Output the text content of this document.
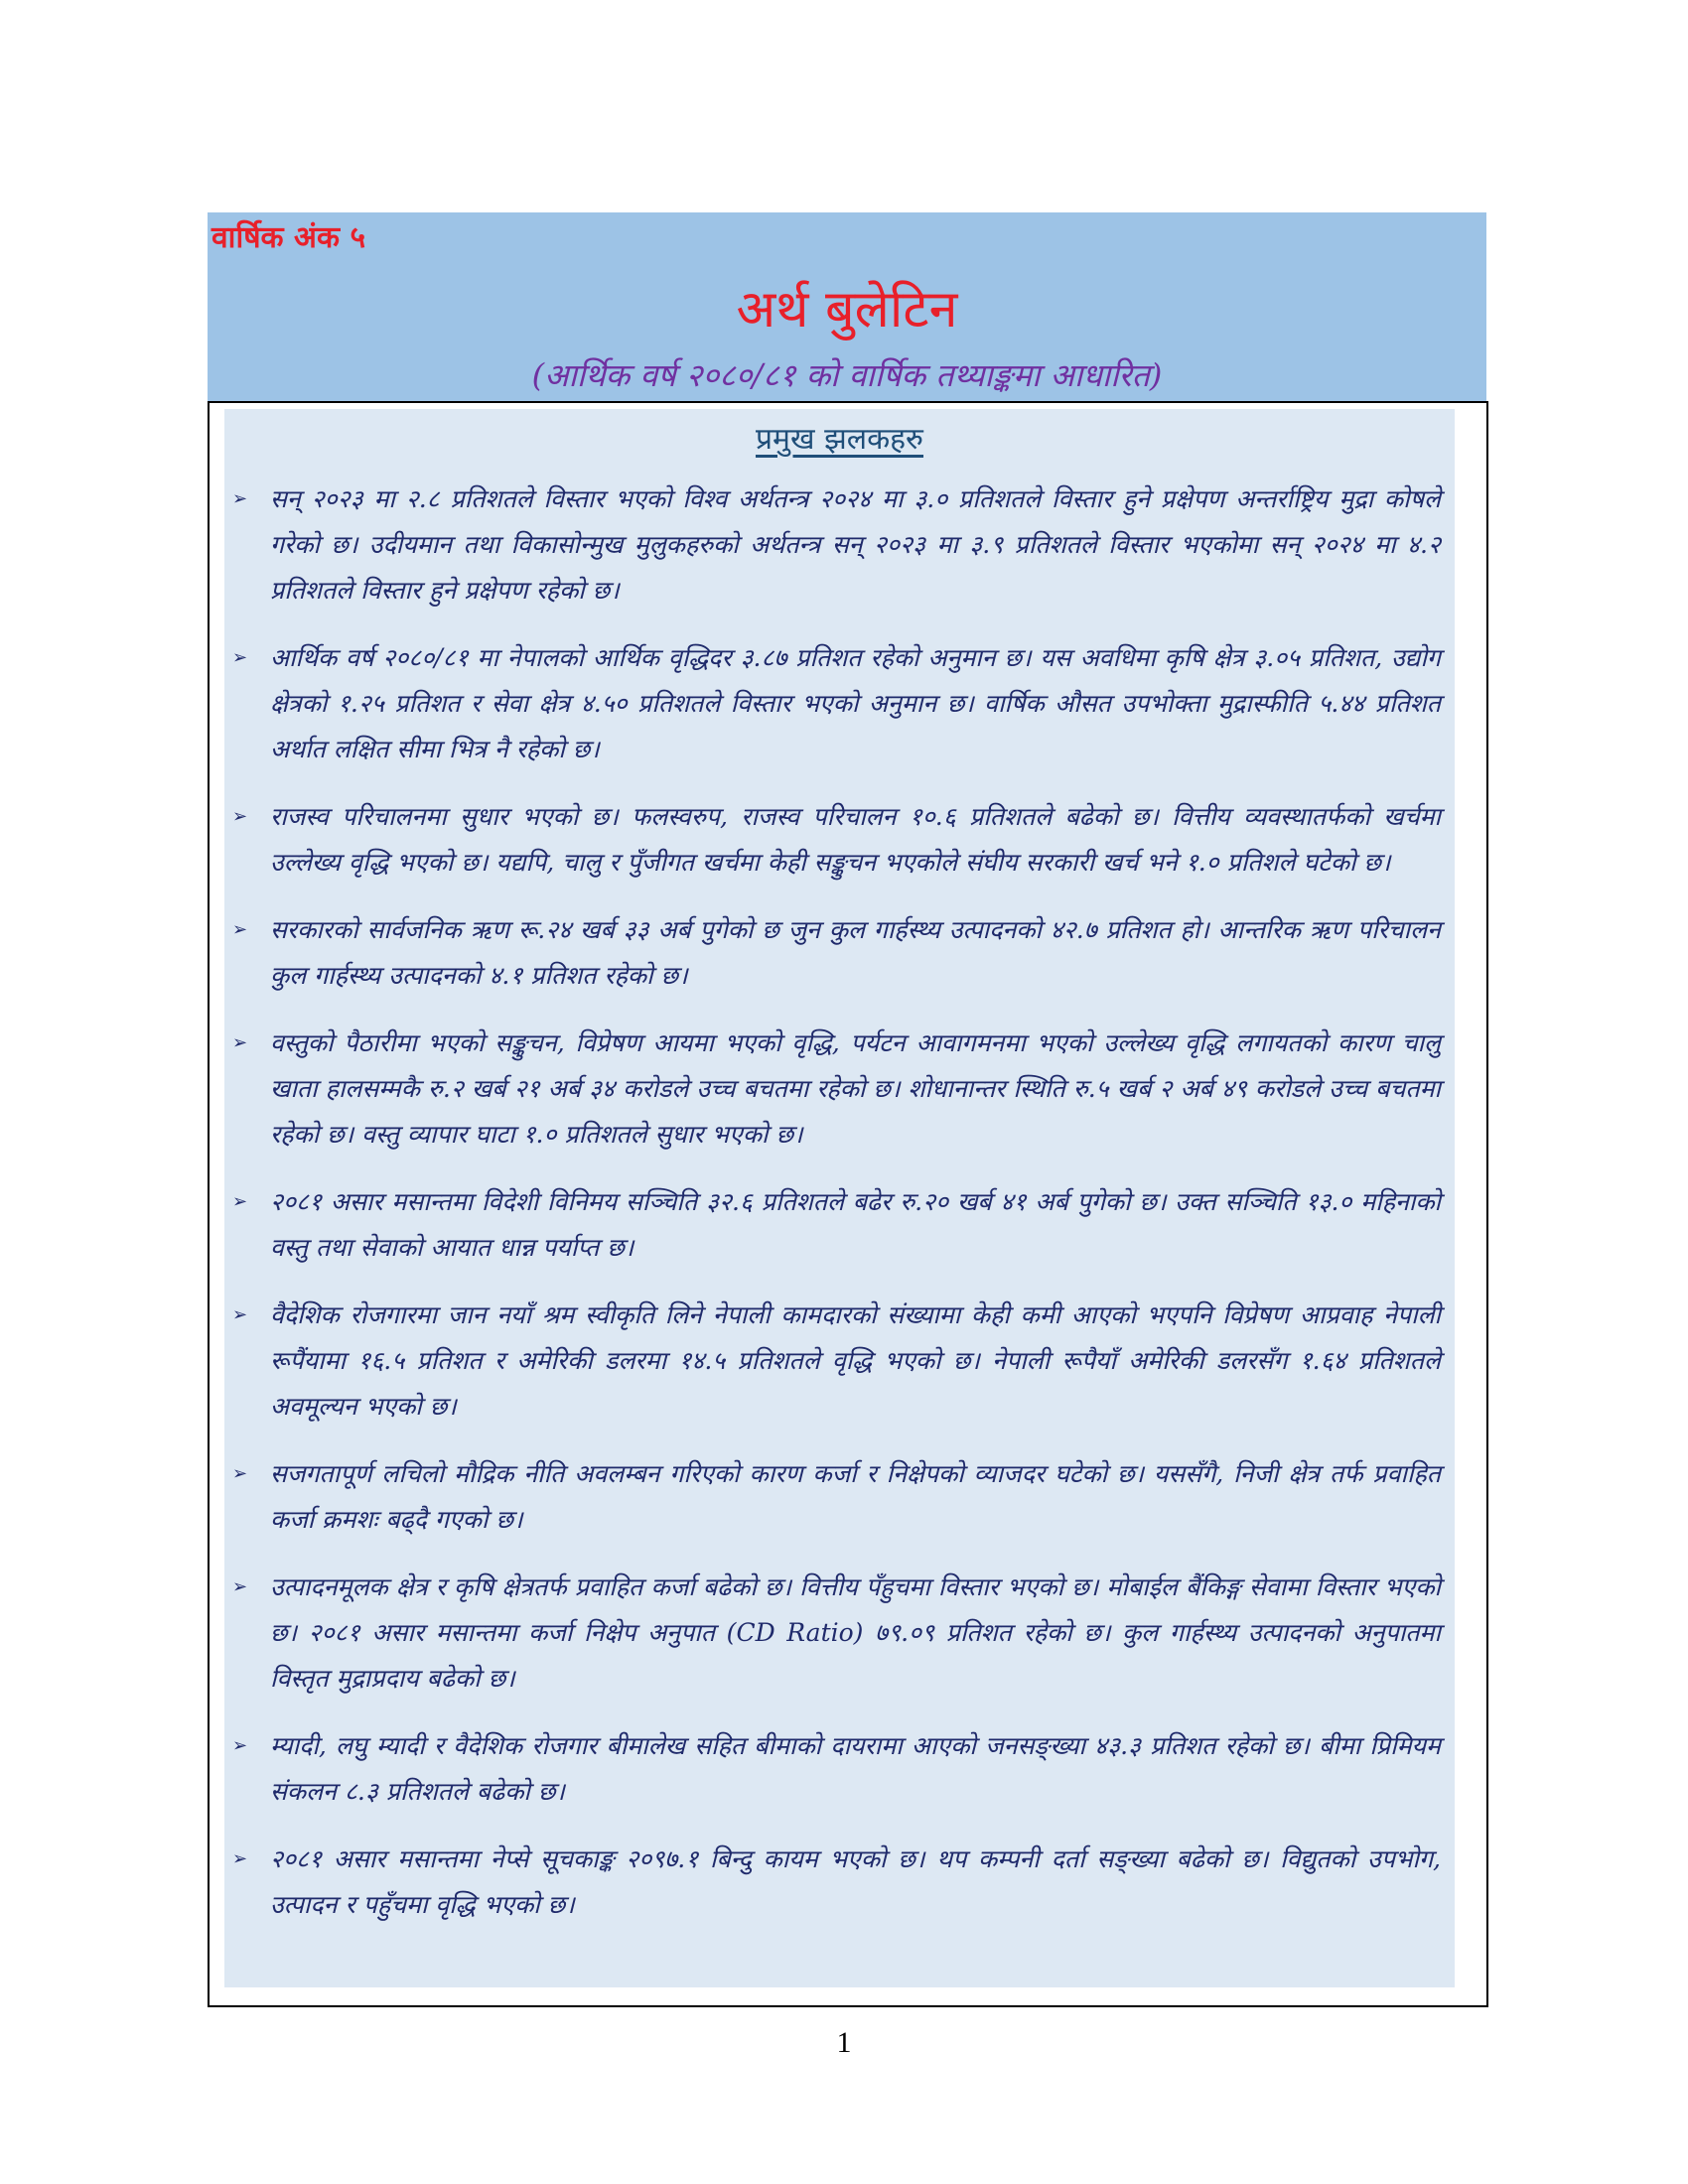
वार्षिक अंक ५
अर्थ बुलेटिन
(आर्थिक वर्ष २०८०/८१ को वार्षिक तथ्याङ्कमा आधारित)
प्रमुख झलकहरु
➢ सन् २०२३ मा २.८ प्रतिशतले विस्तार भएको विश्व अर्थतन्त्र २०२४ मा ३.० प्रतिशतले विस्तार हुने प्रक्षेपण अन्तर्राष्ट्रिय मुद्रा कोषले गरेको छ। उदीयमान तथा विकासोन्मुख मुलुकहरुको अर्थतन्त्र सन् २०२३ मा ३.९ प्रतिशतले विस्तार भएकोमा सन् २०२४ मा ४.२ प्रतिशतले विस्तार हुने प्रक्षेपण रहेको छ।
➢ आर्थिक वर्ष २०८०/८१ मा नेपालको आर्थिक वृद्धिदर ३.८७ प्रतिशत रहेको अनुमान छ। यस अवधिमा कृषि क्षेत्र ३.०५ प्रतिशत, उद्योग क्षेत्रको १.२५ प्रतिशत र सेवा क्षेत्र ४.५० प्रतिशतले विस्तार भएको अनुमान छ। वार्षिक औसत उपभोक्ता मुद्रास्फीति ५.४४ प्रतिशत अर्थात लक्षित सीमा भित्र नै रहेको छ।
➢ राजस्व परिचालनमा सुधार भएको छ। फलस्वरुप, राजस्व परिचालन १०.६ प्रतिशतले बढेको छ। वित्तीय व्यवस्थातर्फको खर्चमा उल्लेख्य वृद्धि भएको छ। यद्यपि, चालु र पुँजीगत खर्चमा केही सङ्कुचन भएकोले संघीय सरकारी खर्च भने १.० प्रतिशले घटेको छ।
➢ सरकारको सार्वजनिक ऋण रू.२४ खर्ब ३३ अर्ब पुगेको छ जुन कुल गार्हस्थ्य उत्पादनको ४२.७ प्रतिशत हो। आन्तरिक ऋण परिचालन कुल गार्हस्थ्य उत्पादनको ४.१ प्रतिशत रहेको छ।
➢ वस्तुको पैठारीमा भएको सङ्कुचन, विप्रेषण आयमा भएको वृद्धि, पर्यटन आवागमनमा भएको उल्लेख्य वृद्धि लगायतको कारण चालु खाता हालसम्मकै रु.२ खर्ब २१ अर्ब ३४ करोडले उच्च बचतमा रहेको छ। शोधानान्तर स्थिति रु.५ खर्ब २ अर्ब ४९ करोडले उच्च बचतमा रहेको छ। वस्तु व्यापार घाटा १.० प्रतिशतले सुधार भएको छ।
➢ २०८१ असार मसान्तमा विदेशी विनिमय सञ्चिति ३२.६ प्रतिशतले बढेर रु.२० खर्ब ४१ अर्ब पुगेको छ। उक्त सञ्चिति १३.० महिनाको वस्तु तथा सेवाको आयात धान्न पर्याप्त छ।
➢ वैदेशिक रोजगारमा जान नयाँ श्रम स्वीकृति लिने नेपाली कामदारको संख्यामा केही कमी आएको भएपनि विप्रेषण आप्रवाह नेपाली रूपैंयामा १६.५ प्रतिशत र अमेरिकी डलरमा १४.५ प्रतिशतले वृद्धि भएको छ। नेपाली रूपैयाँ अमेरिकी डलरसँग १.६४ प्रतिशतले अवमूल्यन भएको छ।
➢ सजगतापूर्ण लचिलो मौद्रिक नीति अवलम्बन गरिएको कारण कर्जा र निक्षेपको व्याजदर घटेको छ। यससँगै, निजी क्षेत्र तर्फ प्रवाहित कर्जा क्रमशः बढ्दै गएको छ।
➢ उत्पादनमूलक क्षेत्र र कृषि क्षेत्रतर्फ प्रवाहित कर्जा बढेको छ। वित्तीय पँहुचमा विस्तार भएको छ। मोबाईल बैंकिङ्ग सेवामा विस्तार भएको छ। २०८१ असार मसान्तमा कर्जा निक्षेप अनुपात (CD Ratio) ७९.०९ प्रतिशत रहेको छ। कुल गार्हस्थ्य उत्पादनको अनुपातमा विस्तृत मुद्राप्रदाय बढेको छ।
➢ म्यादी, लघु म्यादी र वैदेशिक रोजगार बीमालेख सहित बीमाको दायरामा आएको जनसङ्ख्या ४३.३ प्रतिशत रहेको छ। बीमा प्रिमियम संकलन ८.३ प्रतिशतले बढेको छ।
➢ २०८१ असार मसान्तमा नेप्से सूचकाङ्क २०९७.१ बिन्दु कायम भएको छ। थप कम्पनी दर्ता सङ्ख्या बढेको छ। विद्युतको उपभोग, उत्पादन र पहुँचमा वृद्धि भएको छ।
1
